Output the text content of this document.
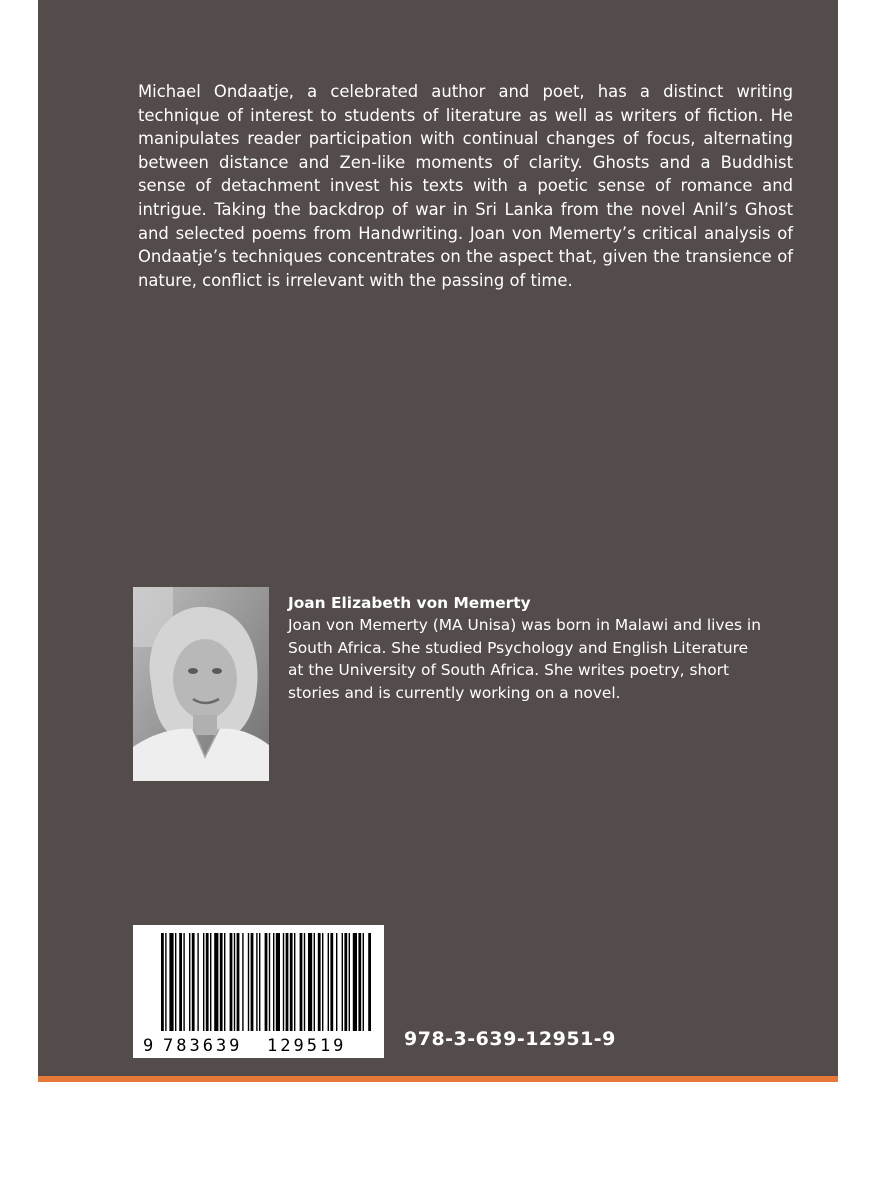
Michael Ondaatje, a celebrated author and poet, has a distinct writing technique of interest to students of literature as well as writers of fiction. He manipulates reader participation with continual changes of focus, alternating between distance and Zen-like moments of clarity. Ghosts and a Buddhist sense of detachment invest his texts with a poetic sense of romance and intrigue. Taking the backdrop of war in Sri Lanka from the novel Anil’s Ghost and selected poems from Handwriting. Joan von Memerty’s critical analysis of Ondaatje’s techniques concentrates on the aspect that, given the transience of nature, conflict is irrelevant with the passing of time.

Joan Elizabeth von Memerty
Joan von Memerty (MA Unisa) was born in Malawi and lives in South Africa. She studied Psychology and English Literature at the University of South Africa. She writes poetry, short stories and is currently working on a novel.
9 783639 129519	978-3-639-12951-9
